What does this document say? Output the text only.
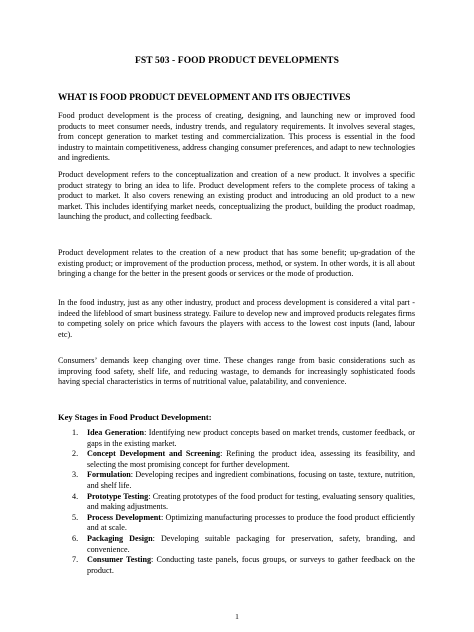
FST 503 - FOOD PRODUCT DEVELOPMENTS
WHAT IS FOOD PRODUCT DEVELOPMENT AND ITS OBJECTIVES

Food product development is the process of creating, designing, and launching new or improved food products to meet consumer needs, industry trends, and regulatory requirements. It involves several stages, from concept generation to market testing and commercialization. This process is essential in the food industry to maintain competitiveness, address changing consumer preferences, and adapt to new technologies and ingredients.

Product development refers to the conceptualization and creation of a new product. It involves a specific product strategy to bring an idea to life. Product development refers to the complete process of taking a product to market. It also covers renewing an existing product and introducing an old product to a new market. This includes identifying market needs, conceptualizing the product, building the product roadmap, launching the product, and collecting feedback.

Product development relates to the creation of a new product that has some benefit; up-gradation of the existing product; or improvement of the production process, method, or system. In other words, it is all about bringing a change for the better in the present goods or services or the mode of production.

In the food industry, just as any other industry, product and process development is considered a vital part - indeed the lifeblood of smart business strategy. Failure to develop new and improved products relegates firms to competing solely on price which favours the players with access to the lowest cost inputs (land, labour etc).

Consumers’ demands keep changing over time. These changes range from basic considerations such as improving food safety, shelf life, and reducing wastage, to demands for increasingly sophisticated foods having special characteristics in terms of nutritional value, palatability, and convenience.

Key Stages in Food Product Development:
1. Idea Generation: Identifying new product concepts based on market trends, customer feedback, or gaps in the existing market.
2. Concept Development and Screening: Refining the product idea, assessing its feasibility, and selecting the most promising concept for further development.
3. Formulation: Developing recipes and ingredient combinations, focusing on taste, texture, nutrition, and shelf life.
4. Prototype Testing: Creating prototypes of the food product for testing, evaluating sensory qualities, and making adjustments.
5. Process Development: Optimizing manufacturing processes to produce the food product efficiently and at scale.
6. Packaging Design: Developing suitable packaging for preservation, safety, branding, and convenience.
7. Consumer Testing: Conducting taste panels, focus groups, or surveys to gather feedback on the product.
1
